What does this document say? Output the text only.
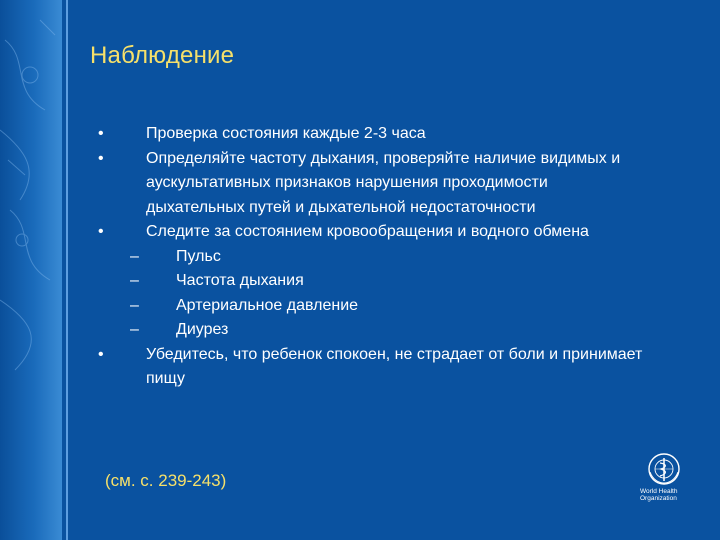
Наблюдение
•	Проверка состояния каждые 2-3 часа
•	Определяйте частоту дыхания, проверяйте наличие видимых и аускультативных признаков нарушения проходимости дыхательных путей и дыхательной недостаточности
•	Следите за состоянием кровообращения и водного обмена
–	Пульс
–	Частота дыхания
–	Артериальное давление
–	Диурез
•	Убедитесь, что ребенок спокоен, не страдает от боли и принимает пищу
(см. с. 239-243)
World Health
Organization
